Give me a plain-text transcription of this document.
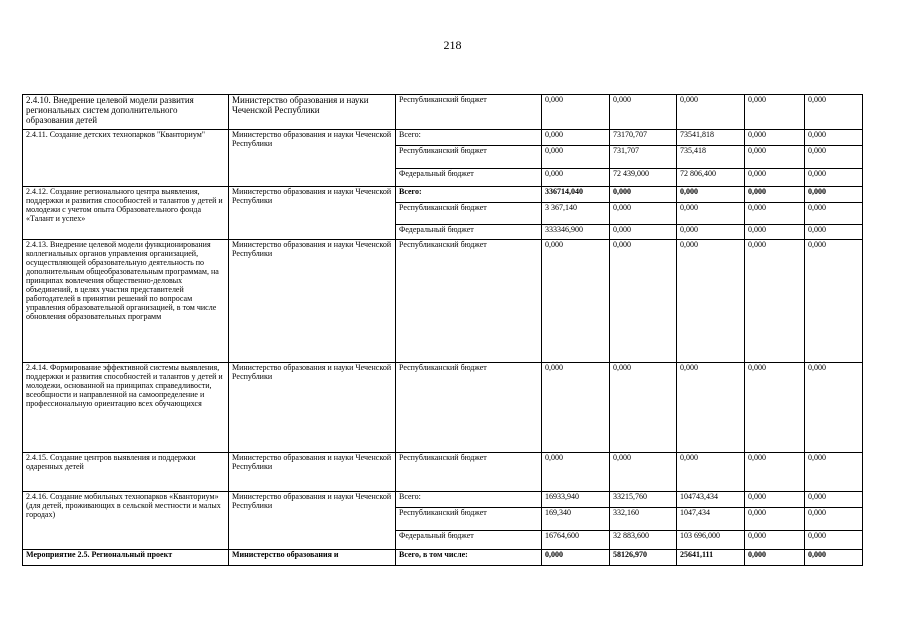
218
2.4.10. Внедрение целевой модели развития региональных систем дополнительного образования детей	Министерство образования и науки Чеченской Республики	Республиканский бюджет	0,000	0,000	0,000	0,000	0,000
2.4.11. Создание детских технопарков "Кванториум"	Министерство образования и науки Чеченской Республики	Всего:	0,000	73170,707	73541,818	0,000	0,000
		Республиканский бюджет	0,000	731,707	735,418	0,000	0,000
		Федеральный бюджет	0,000	72 439,000	72 806,400	0,000	0,000
2.4.12. Создание регионального центра выявления, поддержки и развития способностей и талантов у детей и молодежи с учетом опыта Образовательного фонда «Талант и успех»	Министерство образования и науки Чеченской Республики	Всего:	336714,040	0,000	0,000	0,000	0,000
		Республиканский бюджет	3 367,140	0,000	0,000	0,000	0,000
		Федеральный бюджет	333346,900	0,000	0,000	0,000	0,000
2.4.13. Внедрение целевой модели функционирования коллегиальных органов управления организацией, осуществляющей образовательную деятельность по дополнительным общеобразовательным программам, на принципах вовлечения общественно-деловых объединений, в целях участия представителей работодателей в принятии решений по вопросам управления образовательной организацией, в том числе обновления образовательных программ	Министерство образования и науки Чеченской Республики	Республиканский бюджет	0,000	0,000	0,000	0,000	0,000
2.4.14. Формирование эффективной системы выявления, поддержки и развития способностей и талантов у детей и молодежи, основанной на принципах справедливости, всеобщности и направленной на самоопределение и профессиональную ориентацию всех обучающихся	Министерство образования и науки Чеченской Республики	Республиканский бюджет	0,000	0,000	0,000	0,000	0,000
2.4.15. Создание центров выявления и поддержки одаренных детей	Министерство образования и науки Чеченской Республики	Республиканский бюджет	0,000	0,000	0,000	0,000	0,000
2.4.16. Создание мобильных технопарков «Кванториум» (для детей, проживающих в сельской местности и малых городах)	Министерство образования и науки Чеченской Республики	Всего:	16933,940	33215,760	104743,434	0,000	0,000
		Республиканский бюджет	169,340	332,160	1047,434	0,000	0,000
		Федеральный бюджет	16764,600	32 883,600	103 696,000	0,000	0,000
Мероприятие 2.5. Региональный проект	Министерство образования и	Всего, в том числе:	0,000	58126,970	25641,111	0,000	0,000
